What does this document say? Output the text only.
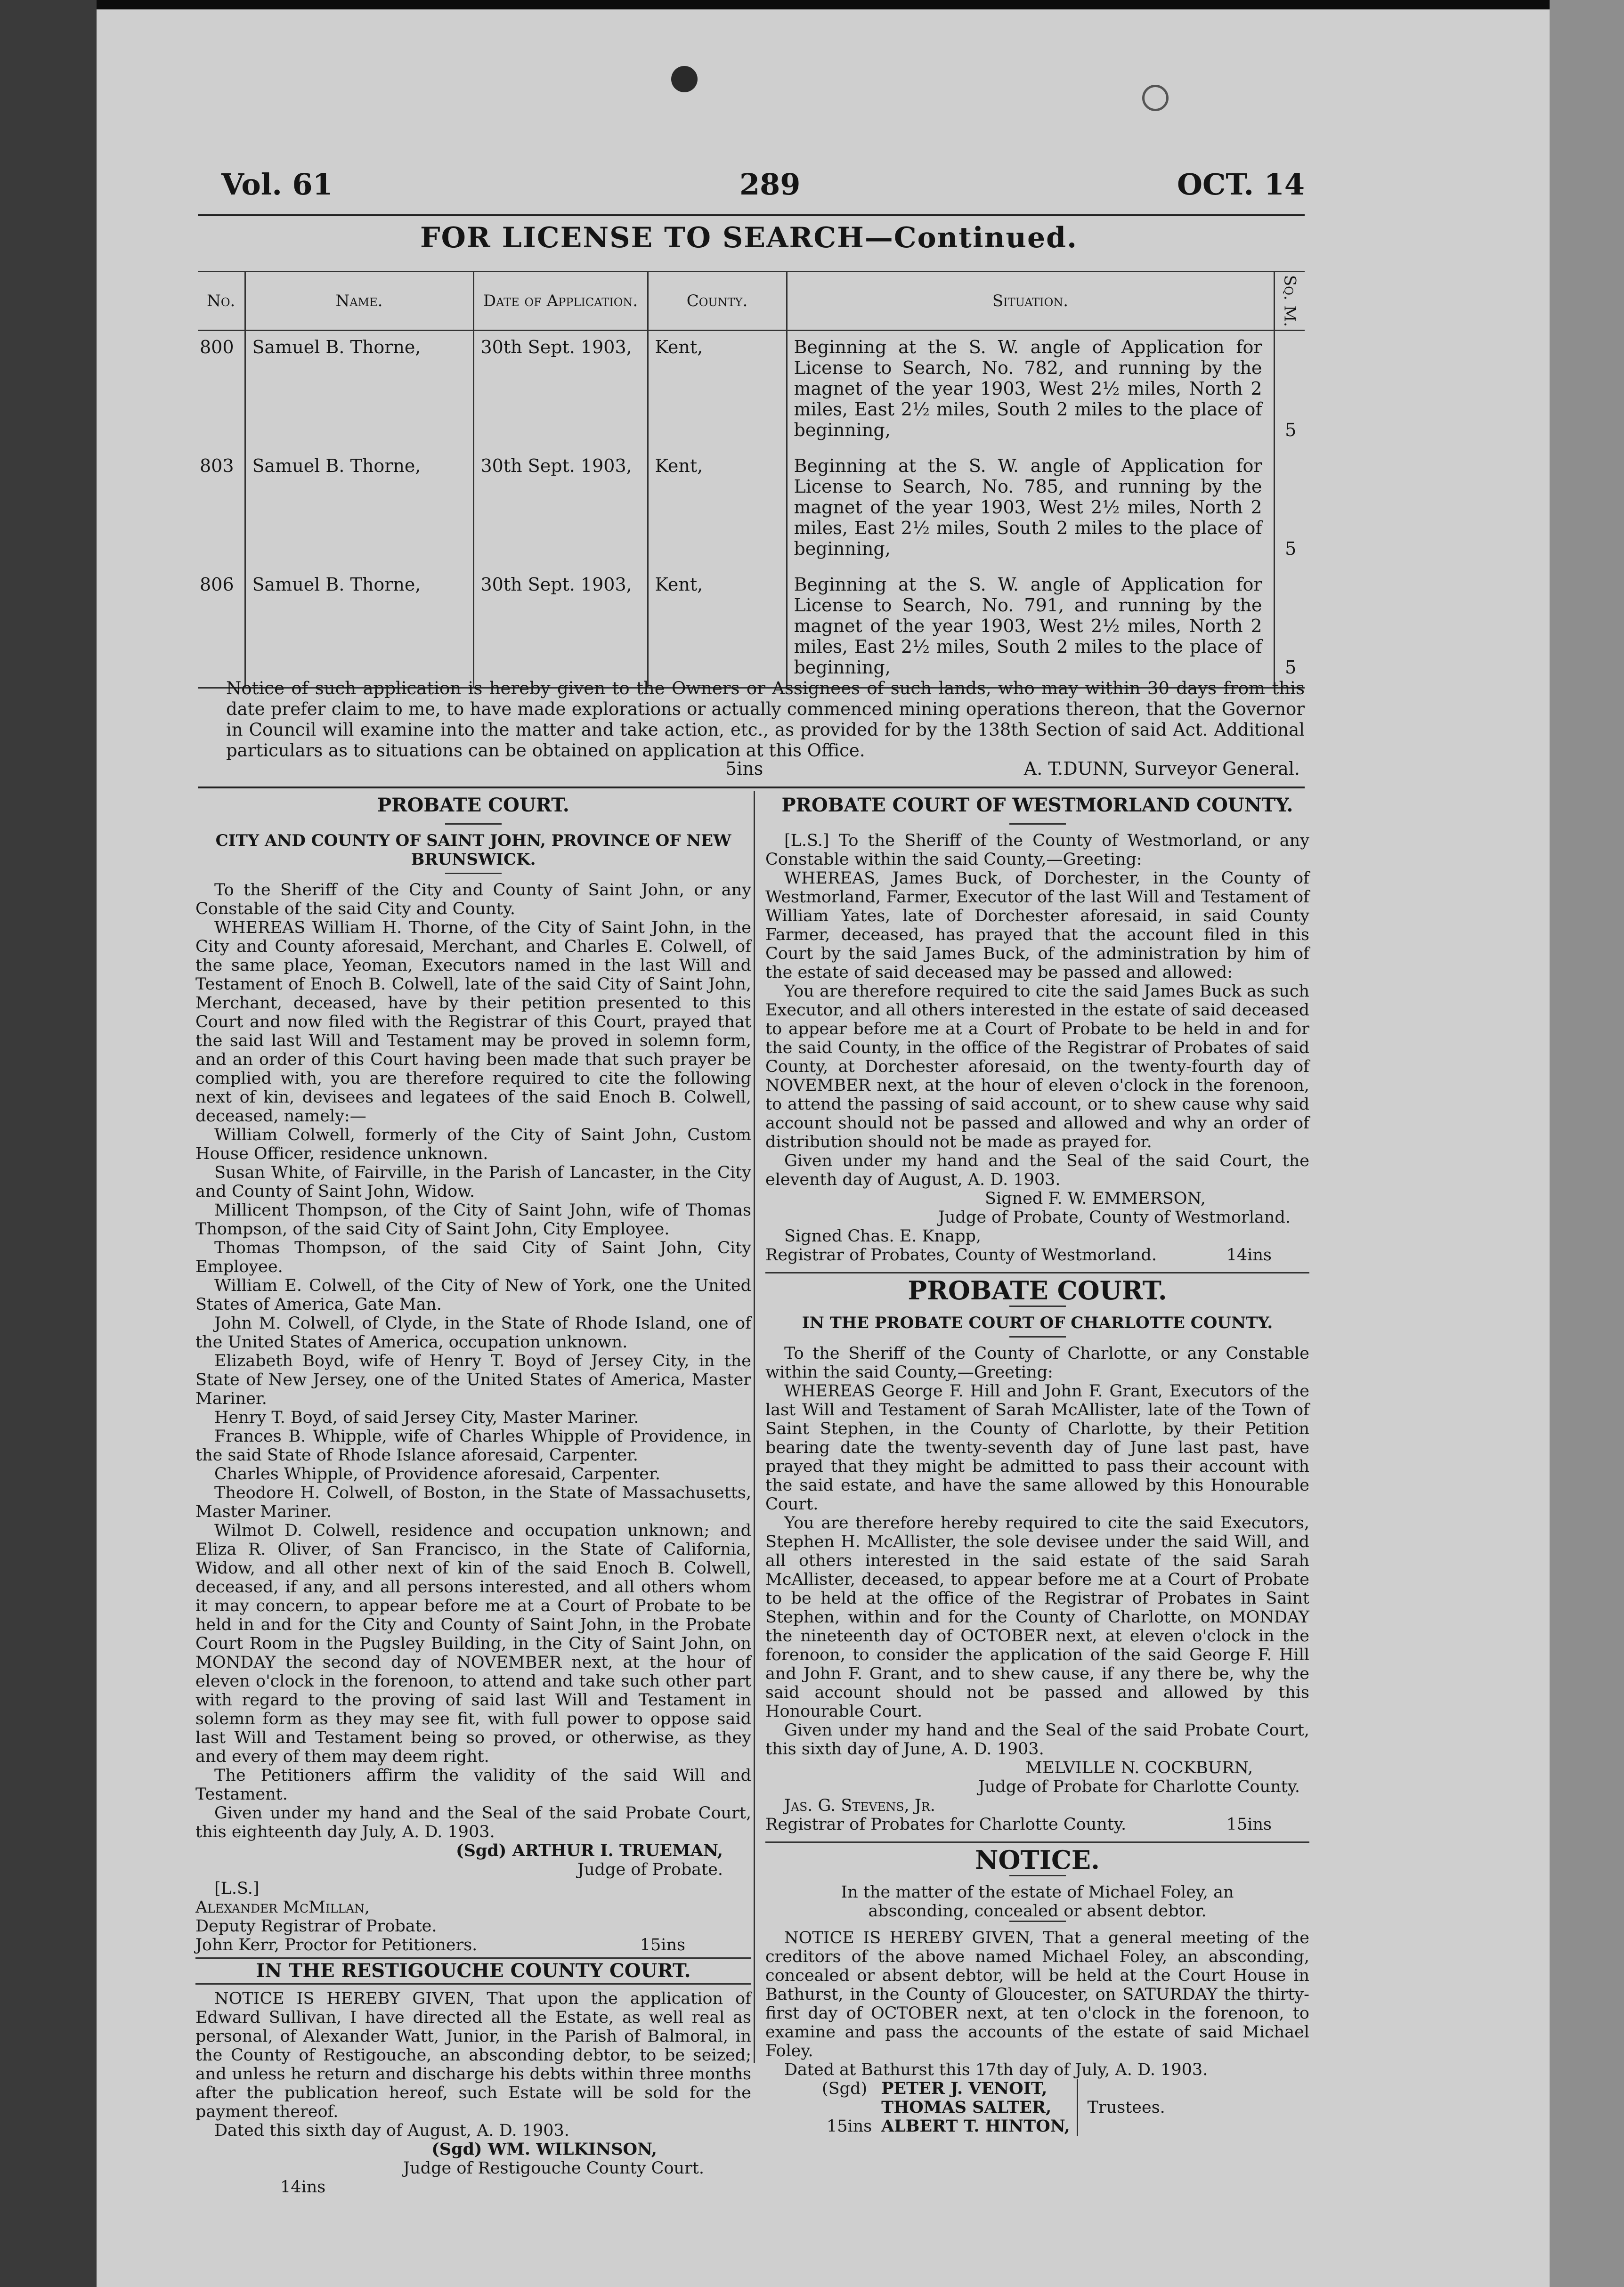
Vol. 61	289	OCT. 14
FOR LICENSE TO SEARCH—Continued.
No.	Name.	Date of Application.	County.	Situation.	Sq. M.
800	Samuel B. Thorne,	30th Sept. 1903,	Kent,	Beginning at the S. W. angle of Application for License to Search, No. 782, and running by the magnet of the year 1903, West 2½ miles, North 2 miles, East 2½ miles, South 2 miles to the place of beginning,	5
803	Samuel B. Thorne,	30th Sept. 1903,	Kent,	Beginning at the S. W. angle of Application for License to Search, No. 785, and running by the magnet of the year 1903, West 2½ miles, North 2 miles, East 2½ miles, South 2 miles to the place of beginning,	5
806	Samuel B. Thorne,	30th Sept. 1903,	Kent,	Beginning at the S. W. angle of Application for License to Search, No. 791, and running by the magnet of the year 1903, West 2½ miles, North 2 miles, East 2½ miles, South 2 miles to the place of beginning,	5
Notice of such application is hereby given to the Owners or Assignees of such lands, who may within 30 days from this date prefer claim to me, to have made explorations or actually commenced mining operations thereon, that the Governor in Council will examine into the matter and take action, etc., as provided for by the 138th Section of said Act. Additional particulars as to situations can be obtained on application at this Office.
5ins	A. T.DUNN, Surveyor General.
PROBATE COURT.
CITY AND COUNTY OF SAINT JOHN, PROVINCE OF NEW BRUNSWICK.

To the Sheriff of the City and County of Saint John, or any Constable of the said City and County.

WHEREAS William H. Thorne, of the City of Saint John, in the City and County aforesaid, Merchant, and Charles E. Colwell, of the same place, Yeoman, Executors named in the last Will and Testament of Enoch B. Colwell, late of the said City of Saint John, Merchant, deceased, have by their petition presented to this Court and now filed with the Registrar of this Court, prayed that the said last Will and Testament may be proved in solemn form, and an order of this Court having been made that such prayer be complied with, you are therefore required to cite the following next of kin, devisees and legatees of the said Enoch B. Colwell, deceased, namely:—

William Colwell, formerly of the City of Saint John, Custom House Officer, residence unknown.

Susan White, of Fairville, in the Parish of Lancaster, in the City and County of Saint John, Widow.

Millicent Thompson, of the City of Saint John, wife of Thomas Thompson, of the said City of Saint John, City Employee.

Thomas Thompson, of the said City of Saint John, City Employee.

William E. Colwell, of the City of New of York, one the United States of America, Gate Man.

John M. Colwell, of Clyde, in the State of Rhode Island, one of the United States of America, occupation unknown.

Elizabeth Boyd, wife of Henry T. Boyd of Jersey City, in the State of New Jersey, one of the United States of America, Master Mariner.

Henry T. Boyd, of said Jersey City, Master Mariner.

Frances B. Whipple, wife of Charles Whipple of Providence, in the said State of Rhode Islance aforesaid, Carpenter.

Charles Whipple, of Providence aforesaid, Carpenter.

Theodore H. Colwell, of Boston, in the State of Massachusetts, Master Mariner.

Wilmot D. Colwell, residence and occupation unknown; and Eliza R. Oliver, of San Francisco, in the State of California, Widow, and all other next of kin of the said Enoch B. Colwell, deceased, if any, and all persons interested, and all others whom it may concern, to appear before me at a Court of Probate to be held in and for the City and County of Saint John, in the Probate Court Room in the Pugsley Building, in the City of Saint John, on MONDAY the second day of NOVEMBER next, at the hour of eleven o'clock in the forenoon, to attend and take such other part with regard to the proving of said last Will and Testament in solemn form as they may see fit, with full power to oppose said last Will and Testament being so proved, or otherwise, as they and every of them may deem right.

The Petitioners affirm the validity of the said Will and Testament.

Given under my hand and the Seal of the said Probate Court, this eighteenth day July, A. D. 1903.

(Sgd) ARTHUR I. TRUEMAN,

Judge of Probate.

[L.S.]

Alexander McMillan,

Deputy Registrar of Probate.

John Kerr, Proctor for Petitioners.	15ins
IN THE RESTIGOUCHE COUNTY COURT.

NOTICE IS HEREBY GIVEN, That upon the application of Edward Sullivan, I have directed all the Estate, as well real as personal, of Alexander Watt, Junior, in the Parish of Balmoral, in the County of Restigouche, an absconding debtor, to be seized; and unless he return and discharge his debts within three months after the publication hereof, such Estate will be sold for the payment thereof.

Dated this sixth day of August, A. D. 1903.

(Sgd) WM. WILKINSON,

Judge of Restigouche County Court.

14ins

PROBATE COURT OF WESTMORLAND COUNTY.

[L.S.] To the Sheriff of the County of Westmorland, or any Constable within the said County,—Greeting:

WHEREAS, James Buck, of Dorchester, in the County of Westmorland, Farmer, Executor of the last Will and Testament of William Yates, late of Dorchester aforesaid, in said County Farmer, deceased, has prayed that the account filed in this Court by the said James Buck, of the administration by him of the estate of said deceased may be passed and allowed:

You are therefore required to cite the said James Buck as such Executor, and all others interested in the estate of said deceased to appear before me at a Court of Probate to be held in and for the said County, in the office of the Registrar of Probates of said County, at Dorchester aforesaid, on the twenty-fourth day of NOVEMBER next, at the hour of eleven o'clock in the forenoon, to attend the passing of said account, or to shew cause why said account should not be passed and allowed and why an order of distribution should not be made as prayed for.

Given under my hand and the Seal of the said Court, the eleventh day of August, A. D. 1903.

Signed F. W. EMMERSON,

Judge of Probate, County of Westmorland.

Signed Chas. E. Knapp,

Registrar of Probates, County of Westmorland.	14ins
PROBATE COURT.
IN THE PROBATE COURT OF CHARLOTTE COUNTY.

To the Sheriff of the County of Charlotte, or any Constable within the said County,—Greeting:

WHEREAS George F. Hill and John F. Grant, Executors of the last Will and Testament of Sarah McAllister, late of the Town of Saint Stephen, in the County of Charlotte, by their Petition bearing date the twenty-seventh day of June last past, have prayed that they might be admitted to pass their account with the said estate, and have the same allowed by this Honourable Court.

You are therefore hereby required to cite the said Executors, Stephen H. McAllister, the sole devisee under the said Will, and all others interested in the said estate of the said Sarah McAllister, deceased, to appear before me at a Court of Probate to be held at the office of the Registrar of Probates in Saint Stephen, within and for the County of Charlotte, on MONDAY the nineteenth day of OCTOBER next, at eleven o'clock in the forenoon, to consider the application of the said George F. Hill and John F. Grant, and to shew cause, if any there be, why the said account should not be passed and allowed by this Honourable Court.

Given under my hand and the Seal of the said Probate Court, this sixth day of June, A. D. 1903.

MELVILLE N. COCKBURN,

Judge of Probate for Charlotte County.

Jas. G. Stevens, Jr.

Registrar of Probates for Charlotte County.	15ins
NOTICE.

In the matter of the estate of Michael Foley, an absconding, concealed or absent debtor.

NOTICE IS HEREBY GIVEN, That a general meeting of the creditors of the above named Michael Foley, an absconding, concealed or absent debtor, will be held at the Court House in Bathurst, in the County of Gloucester, on SATURDAY the thirty-first day of OCTOBER next, at ten o'clock in the forenoon, to examine and pass the accounts of the estate of said Michael Foley.

Dated at Bathurst this 17th day of July, A. D. 1903.

(Sgd) PETER J. VENOIT,

THOMAS SALTER,

ALBERT T. HINTON,

Trustees.

15ins
